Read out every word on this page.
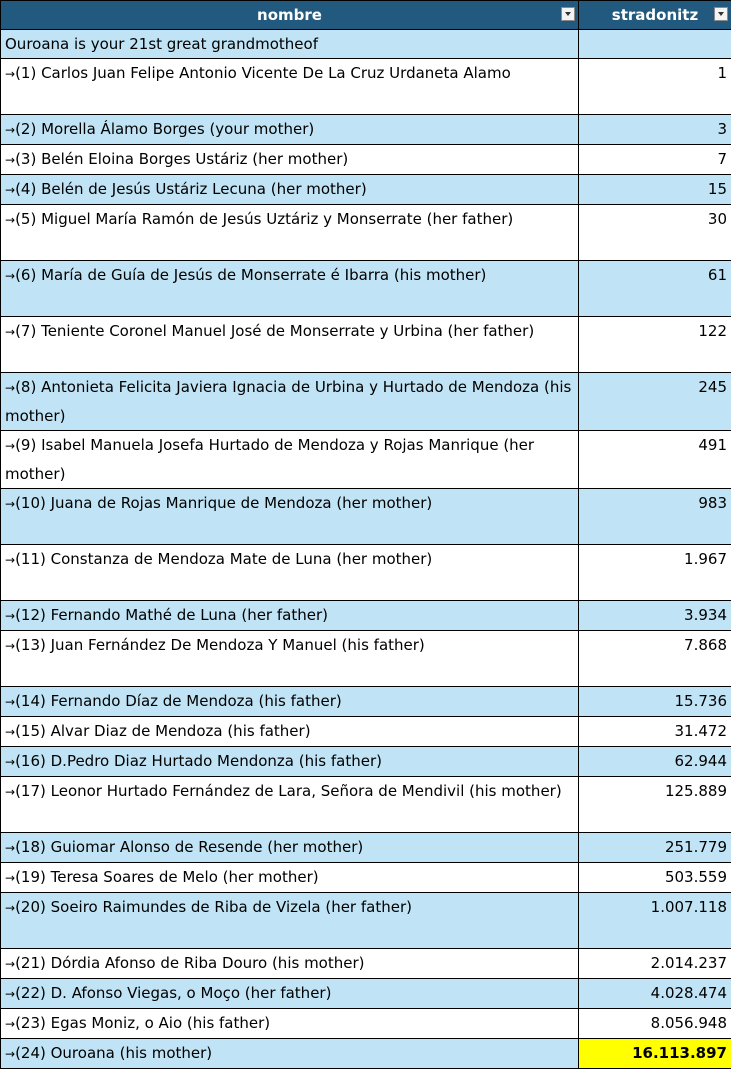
nombre	stradonitz

Ouroana is your 21st great grandmotheof	
→(1) Carlos Juan Felipe Antonio Vicente De La Cruz Urdaneta Alamo	1
→(2) Morella Álamo Borges (your mother)	3
→(3) Belén Eloina Borges Ustáriz (her mother)	7
→(4) Belén de Jesús Ustáriz Lecuna (her mother)	15
→(5) Miguel María Ramón de Jesús Uztáriz y Monserrate (her father)	30
→(6) María de Guía de Jesús de Monserrate é Ibarra (his mother)	61
→(7) Teniente Coronel Manuel José de Monserrate y Urbina (her father)	122
→(8) Antonieta Felicita Javiera Ignacia de Urbina y Hurtado de Mendoza (his mother)	245
→(9) Isabel Manuela Josefa Hurtado de Mendoza y Rojas Manrique (her mother)	491
→(10) Juana de Rojas Manrique de Mendoza (her mother)	983
→(11) Constanza de Mendoza Mate de Luna (her mother)	1.967
→(12) Fernando Mathé de Luna (her father)	3.934
→(13) Juan Fernández De Mendoza Y Manuel (his father)	7.868
→(14) Fernando Díaz de Mendoza (his father)	15.736
→(15) Alvar Diaz de Mendoza (his father)	31.472
→(16) D.Pedro Diaz Hurtado Mendonza (his father)	62.944
→(17) Leonor Hurtado Fernández de Lara, Señora de Mendivil (his mother)	125.889
→(18) Guiomar Alonso de Resende (her mother)	251.779
→(19) Teresa Soares de Melo (her mother)	503.559
→(20) Soeiro Raimundes de Riba de Vizela (her father)	1.007.118
→(21) Dórdia Afonso de Riba Douro (his mother)	2.014.237
→(22) D. Afonso Viegas, o Moço (her father)	4.028.474
→(23) Egas Moniz, o Aio (his father)	8.056.948
→(24) Ouroana (his mother)	16.113.897
